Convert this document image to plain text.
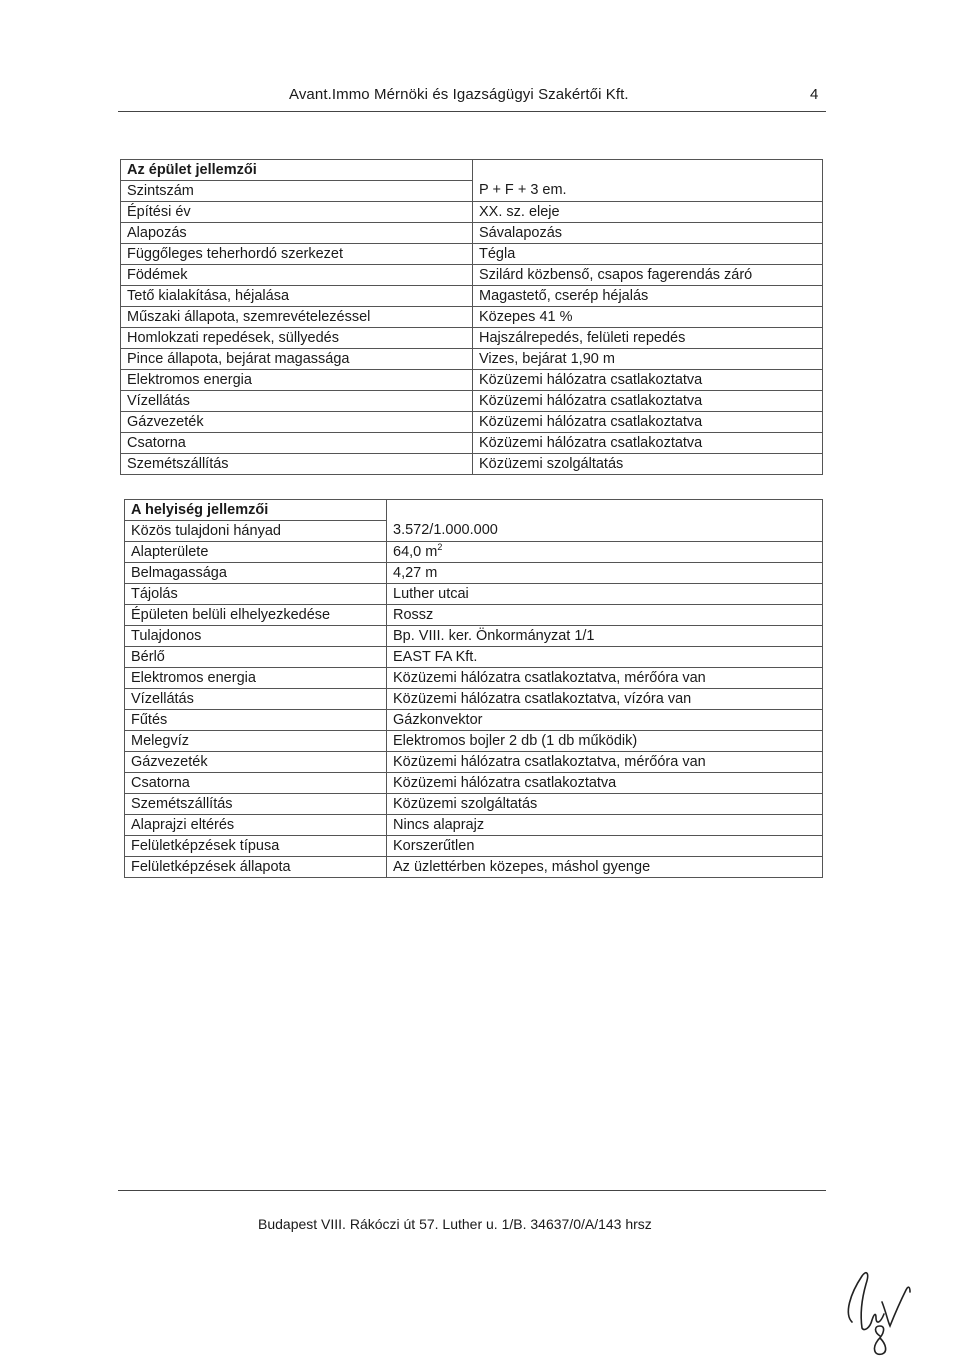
Avant.Immo Mérnöki és Igazságügyi Szakértői Kft.	4
Az épület jellemzői	
Szintszám	P + F + 3 em.
Építési év	XX. sz. eleje
Alapozás	Sávalapozás
Függőleges teherhordó szerkezet	Tégla
Födémek	Szilárd közbenső, csapos fagerendás záró
Tető kialakítása, héjalása	Magastető, cserép héjalás
Műszaki állapota, szemrevételezéssel	Közepes 41 %
Homlokzati repedések, süllyedés	Hajszálrepedés, felületi repedés
Pince állapota, bejárat magassága	Vizes, bejárat 1,90 m
Elektromos energia	Közüzemi hálózatra csatlakoztatva
Vízellátás	Közüzemi hálózatra csatlakoztatva
Gázvezeték	Közüzemi hálózatra csatlakoztatva
Csatorna	Közüzemi hálózatra csatlakoztatva
Szemétszállítás	Közüzemi szolgáltatás
A helyiség jellemzői	
Közös tulajdoni hányad	3.572/1.000.000
Alapterülete	64,0 $m^2$
Belmagassága	4,27 m
Tájolás	Luther utcai
Épületen belüli elhelyezkedése	Rossz
Tulajdonos	Bp. VIII. ker. Önkormányzat 1/1
Bérlő	EAST FA Kft.
Elektromos energia	Közüzemi hálózatra csatlakoztatva, mérőóra van
Vízellátás	Közüzemi hálózatra csatlakoztatva, vízóra van
Fűtés	Gázkonvektor
Melegvíz	Elektromos bojler 2 db (1 db működik)
Gázvezeték	Közüzemi hálózatra csatlakoztatva, mérőóra van
Csatorna	Közüzemi hálózatra csatlakoztatva
Szemétszállítás	Közüzemi szolgáltatás
Alaprajzi eltérés	Nincs alaprajz
Felületképzések típusa	Korszerűtlen
Felületképzések állapota	Az üzlettérben közepes, máshol gyenge
Budapest VIII. Rákóczi út 57. Luther u. 1/B. 34637/0/A/143 hrsz
